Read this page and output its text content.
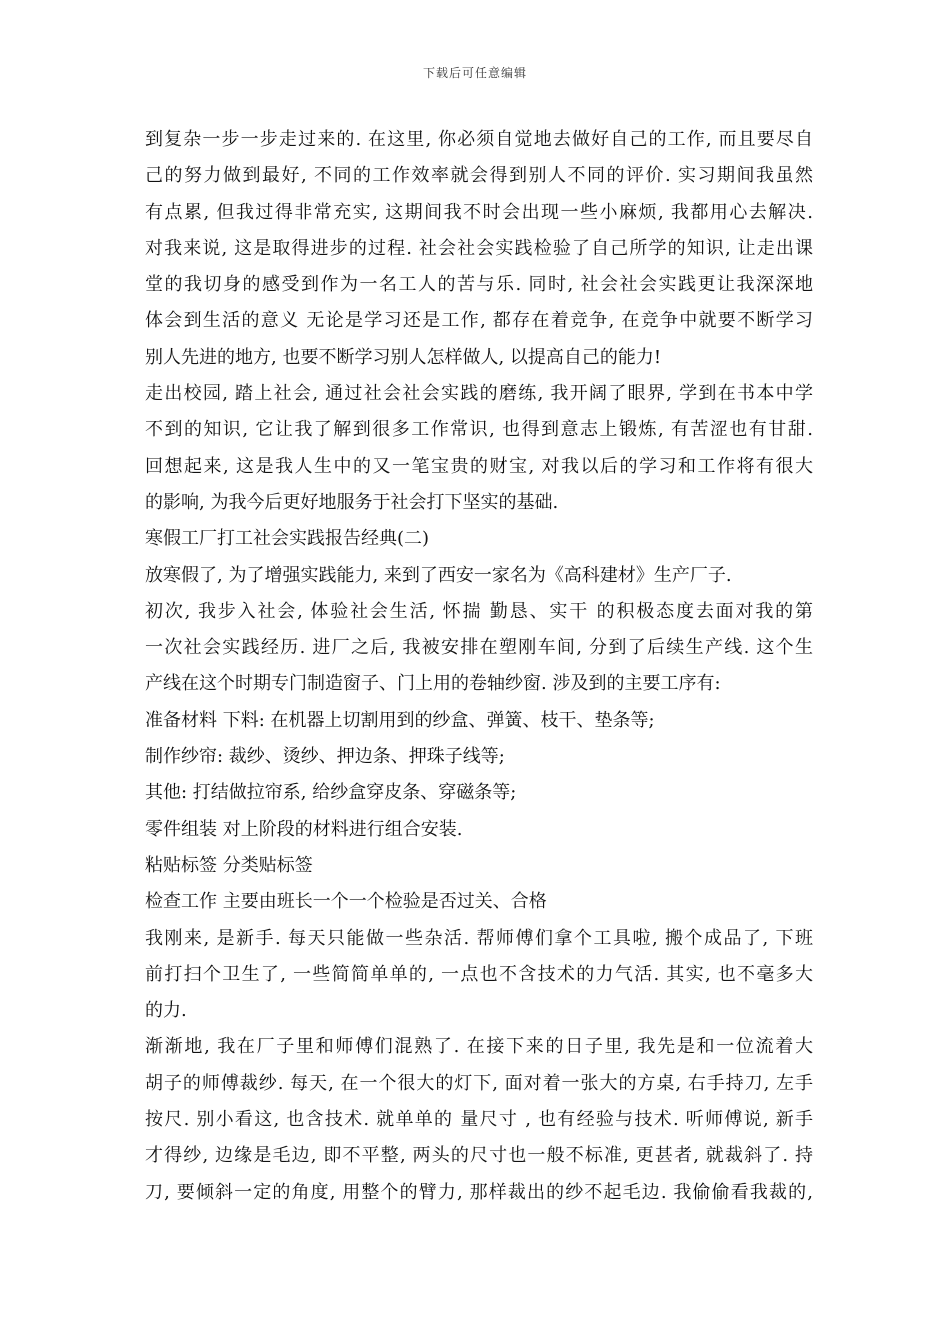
下载后可任意编辑
到复杂一步一步走过来的. 在这里, 你必须自觉地去做好自己的工作, 而且要尽自
己的努力做到最好, 不同的工作效率就会得到别人不同的评价. 实习期间我虽然
有点累, 但我过得非常充实, 这期间我不时会出现一些小麻烦, 我都用心去解决.
对我来说, 这是取得进步的过程. 社会社会实践检验了自己所学的知识, 让走出课
堂的我切身的感受到作为一名工人的苦与乐. 同时, 社会社会实践更让我深深地
体会到生活的意义 无论是学习还是工作, 都存在着竞争, 在竞争中就要不断学习
别人先进的地方, 也要不断学习别人怎样做人, 以提高自己的能力!
走出校园, 踏上社会, 通过社会社会实践的磨练, 我开阔了眼界, 学到在书本中学
不到的知识, 它让我了解到很多工作常识, 也得到意志上锻炼, 有苦涩也有甘甜.
回想起来, 这是我人生中的又一笔宝贵的财宝, 对我以后的学习和工作将有很大
的影响, 为我今后更好地服务于社会打下坚实的基础.
寒假工厂打工社会实践报告经典(二)
放寒假了, 为了增强实践能力, 来到了西安一家名为《高科建材》生产厂子.
初次, 我步入社会, 体验社会生活, 怀揣 勤恳、实干 的积极态度去面对我的第
一次社会实践经历. 进厂之后, 我被安排在塑刚车间, 分到了后续生产线. 这个生
产线在这个时期专门制造窗子、门上用的卷轴纱窗. 涉及到的主要工序有:
准备材料 下料: 在机器上切割用到的纱盒、弹簧、枝干、垫条等;
制作纱帘: 裁纱、烫纱、押边条、押珠子线等;
其他: 打结做拉帘系, 给纱盒穿皮条、穿磁条等;
零件组装 对上阶段的材料进行组合安装.
粘贴标签 分类贴标签
检查工作 主要由班长一个一个检验是否过关、合格
我刚来, 是新手. 每天只能做一些杂活. 帮师傅们拿个工具啦, 搬个成品了, 下班
前打扫个卫生了, 一些简简单单的, 一点也不含技术的力气活. 其实, 也不毫多大
的力.
渐渐地, 我在厂子里和师傅们混熟了. 在接下来的日子里, 我先是和一位流着大
胡子的师傅裁纱. 每天, 在一个很大的灯下, 面对着一张大的方桌, 右手持刀, 左手
按尺. 别小看这, 也含技术. 就单单的 量尺寸 , 也有经验与技术. 听师傅说, 新手
才得纱, 边缘是毛边, 即不平整, 两头的尺寸也一般不标准, 更甚者, 就裁斜了. 持
刀, 要倾斜一定的角度, 用整个的臂力, 那样裁出的纱不起毛边. 我偷偷看我裁的,
